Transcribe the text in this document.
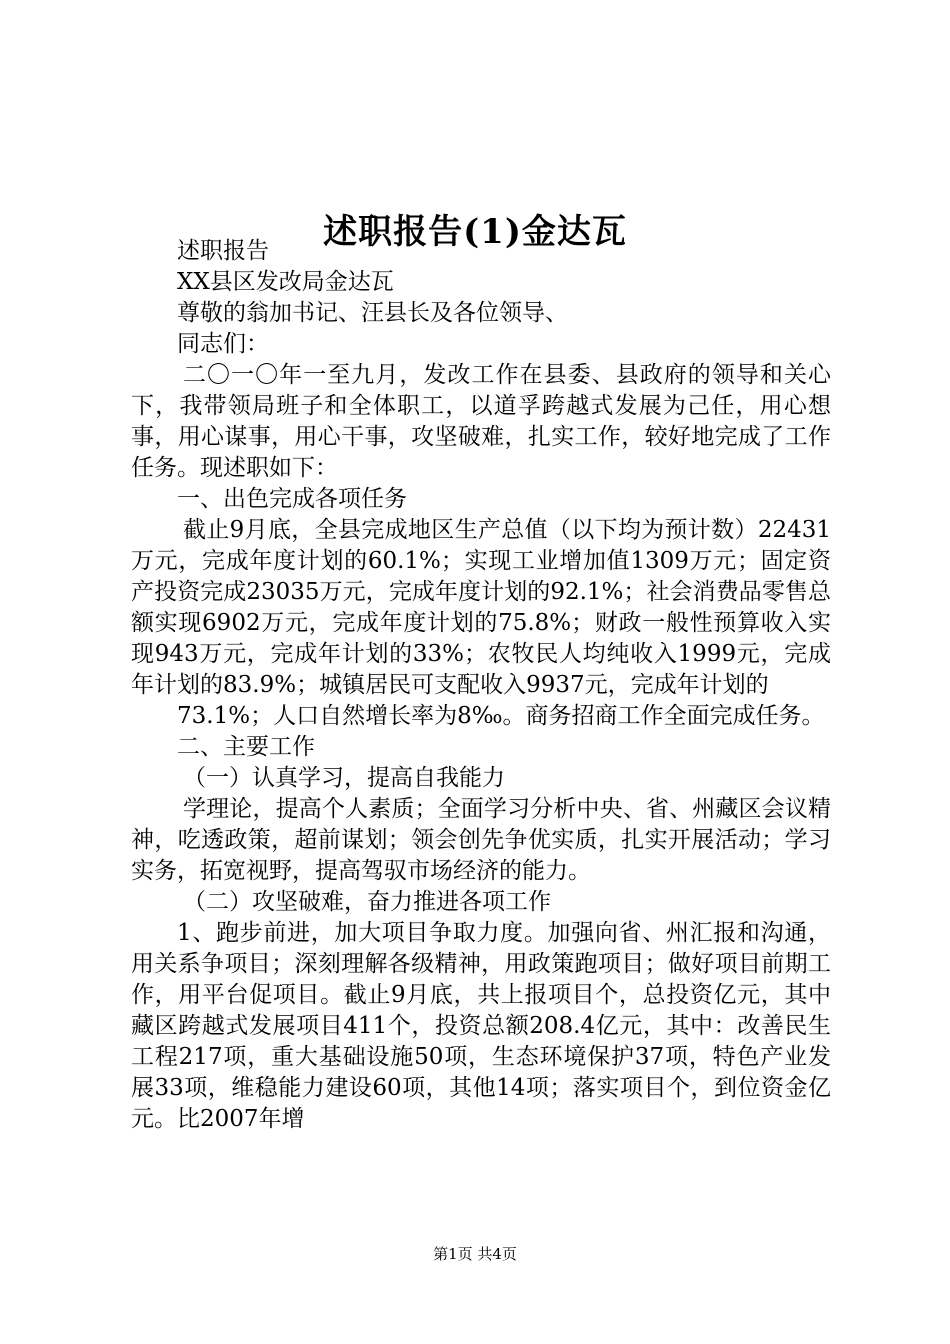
述职报告(1)金达瓦

述职报告

XX县区发改局金达瓦

尊敬的翁加书记、汪县长及各位领导、

同志们：

二〇一〇年一至九月，发改工作在县委、县政府的领导和关心下，我带领局班子和全体职工，以道孚跨越式发展为己任，用心想事，用心谋事，用心干事，攻坚破难，扎实工作，较好地完成了工作任务。现述职如下：

一、出色完成各项任务

截止9月底，全县完成地区生产总值（以下均为预计数）22431万元，完成年度计划的60.1%；实现工业增加值1309万元；固定资产投资完成23035万元，完成年度计划的92.1%；社会消费品零售总额实现6902万元，完成年度计划的75.8%；财政一般性预算收入实现943万元，完成年计划的33%；农牧民人均纯收入1999元，完成年计划的83.9%；城镇居民可支配收入9937元，完成年计划的

73.1%；人口自然增长率为8‰。商务招商工作全面完成任务。

二、主要工作

（一）认真学习，提高自我能力

学理论，提高个人素质；全面学习分析中央、省、州藏区会议精神，吃透政策，超前谋划；领会创先争优实质，扎实开展活动；学习实务，拓宽视野，提高驾驭市场经济的能力。

（二）攻坚破难，奋力推进各项工作

1、跑步前进，加大项目争取力度。加强向省、州汇报和沟通，用关系争项目；深刻理解各级精神，用政策跑项目；做好项目前期工作，用平台促项目。截止9月底，共上报项目个，总投资亿元，其中藏区跨越式发展项目411个，投资总额208.4亿元，其中：改善民生工程217项，重大基础设施50项，生态环境保护37项，特色产业发展33项，维稳能力建设60项，其他14项；落实项目个，到位资金亿元。比2007年增

第1页 共4页
